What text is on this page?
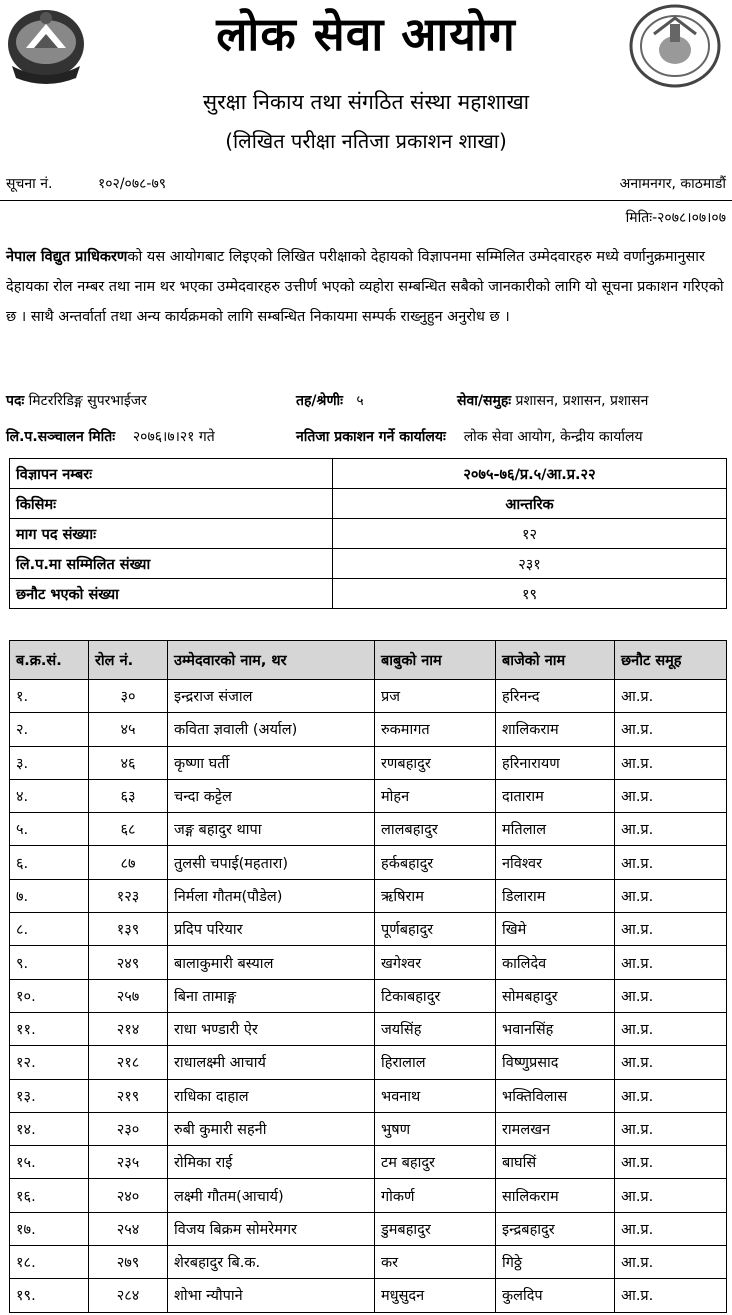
लोक सेवा आयोग
सुरक्षा निकाय तथा संगठित संस्था महाशाखा
(लिखित परीक्षा नतिजा प्रकाशन शाखा)
सूचना नं.	१०२/०७८-७९	अनामनगर, काठमाडौं
मितिः-२०७८।०७।०७
नेपाल विद्युत प्राधिकरणको यस आयोगबाट लिइएको लिखित परीक्षाको देहायको विज्ञापनमा सम्मिलित उम्मेदवारहरु मध्ये वर्णानुक्रमानुसार देहायका रोल नम्बर तथा नाम थर भएका उम्मेदवारहरु उत्तीर्ण भएको व्यहोरा सम्बन्धित सबैको जानकारीको लागि यो सूचना प्रकाशन गरिएको छ । साथै अन्तर्वार्ता तथा अन्य कार्यक्रमको लागि सम्बन्धित निकायमा सम्पर्क राख्नुहुन अनुरोध छ ।
पदः मिटररिडिङ्ग सुपरभाईजर	तह/श्रेणीः ५	सेवा/समुहः प्रशासन, प्रशासन, प्रशासन
लि.प.सञ्चालन मितिः २०७६।७।२१ गते	नतिजा प्रकाशन गर्ने कार्यालयः लोक सेवा आयोग, केन्द्रीय कार्यालय
विज्ञापन नम्बरः	२०७५-७६/प्र.५/आ.प्र.२२
किसिमः	आन्तरिक
माग पद संख्याः	१२
लि.प.मा सम्मिलित संख्या	२३१
छनौट भएको संख्या	१९
ब.क्र.सं.	रोल नं.	उम्मेदवारको नाम, थर	बाबुको नाम	बाजेको नाम	छनौट समूह
१.	३०	इन्द्रराज संजाल	प्रज	हरिनन्द	आ.प्र.
२.	४५	कविता ज्ञवाली (अर्याल)	रुकमागत	शालिकराम	आ.प्र.
३.	४६	कृष्णा घर्ती	रणबहादुर	हरिनारायण	आ.प्र.
४.	६३	चन्दा कट्टेल	मोहन	दाताराम	आ.प्र.
५.	६८	जङ्ग बहादुर थापा	लालबहादुर	मतिलाल	आ.प्र.
६.	८७	तुलसी चपाई(महतारा)	हर्कबहादुर	नविश्वर	आ.प्र.
७.	१२३	निर्मला गौतम(पौडेल)	ऋषिराम	डिलाराम	आ.प्र.
८.	१३९	प्रदिप परियार	पूर्णबहादुर	खिमे	आ.प्र.
९.	२४९	बालाकुमारी बस्याल	खगेश्वर	कालिदेव	आ.प्र.
१०.	२५७	बिना तामाङ्ग	टिकाबहादुर	सोमबहादुर	आ.प्र.
११.	२१४	राधा भण्डारी ऐर	जयसिंह	भवानसिंह	आ.प्र.
१२.	२१८	राधालक्ष्मी आचार्य	हिरालाल	विष्णुप्रसाद	आ.प्र.
१३.	२१९	राधिका दाहाल	भवनाथ	भक्तिविलास	आ.प्र.
१४.	२३०	रुबी कुमारी सहनी	भुषण	रामलखन	आ.प्र.
१५.	२३५	रोमिका राई	टम बहादुर	बाघसिं	आ.प्र.
१६.	२४०	लक्ष्मी गौतम(आचार्य)	गोकर्ण	सालिकराम	आ.प्र.
१७.	२५४	विजय बिक्रम सोमरेमगर	डुमबहादुर	इन्द्रबहादुर	आ.प्र.
१८.	२७९	शेरबहादुर बि.क.	कर	गिठ्ठे	आ.प्र.
१९.	२८४	शोभा न्यौपाने	मधुसुदन	कुलदिप	आ.प्र.
